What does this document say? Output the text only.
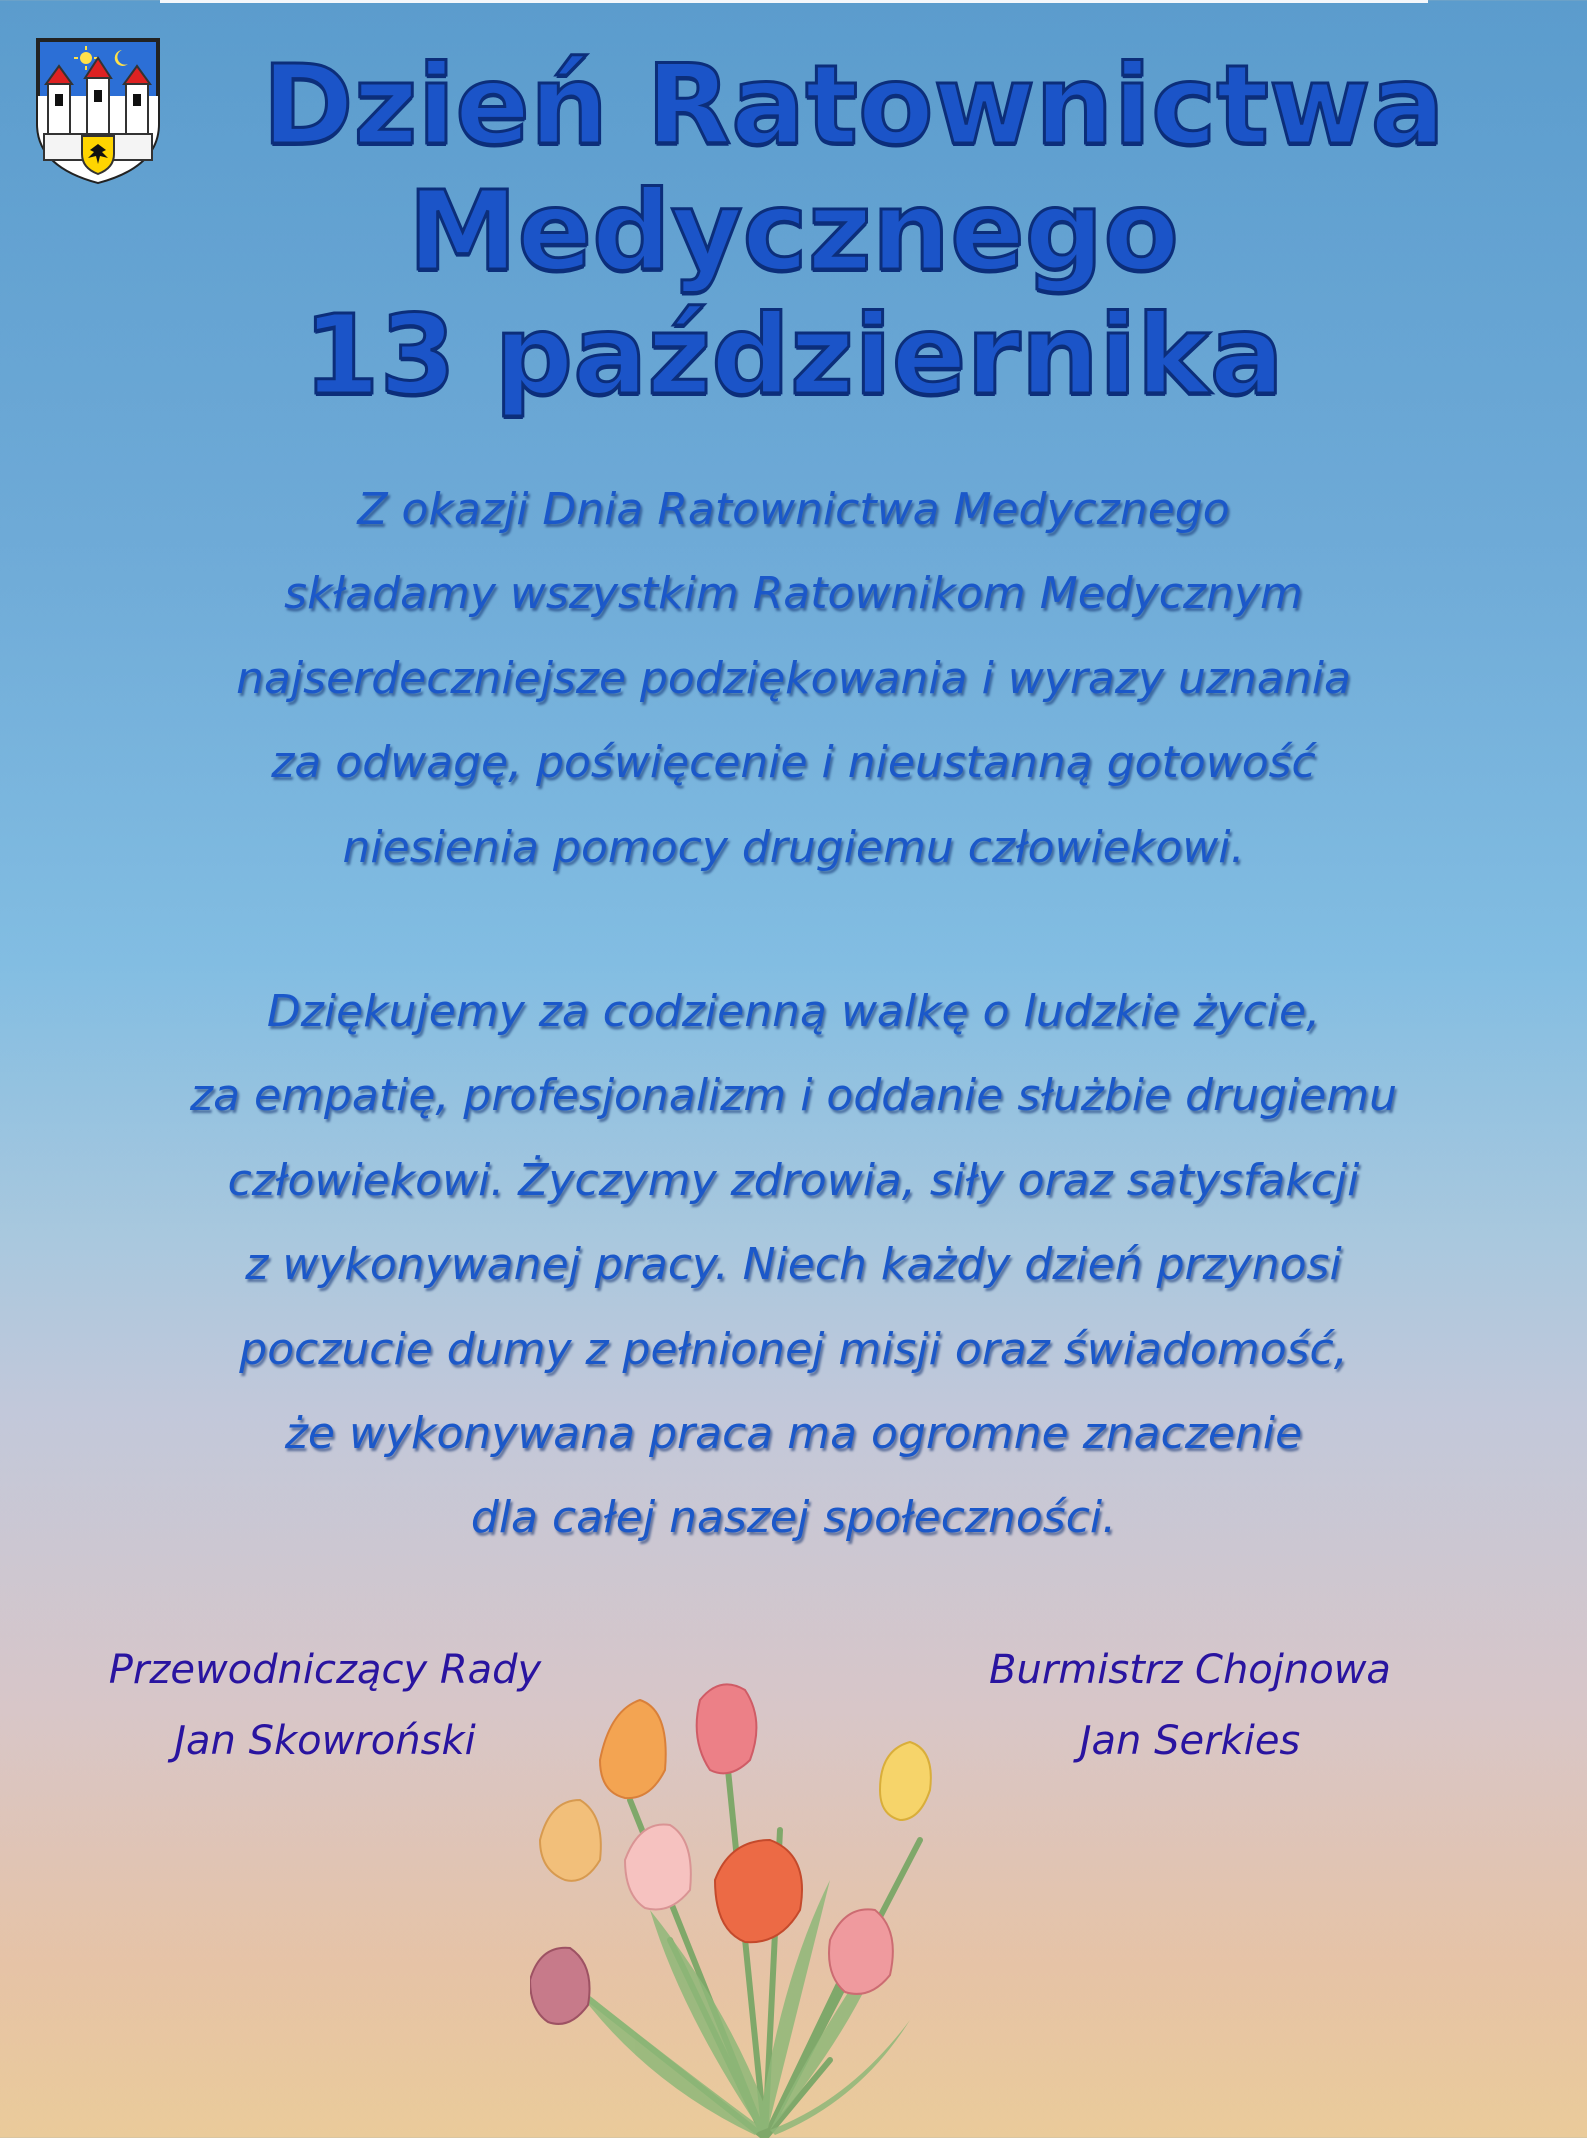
Dzień Ratownictwa
Medycznego
13 października

Z okazji Dnia Ratownictwa Medycznego
składamy wszystkim Ratownikom Medycznym
najserdeczniejsze podziękowania i wyrazy uznania
za odwagę, poświęcenie i nieustanną gotowość
niesienia pomocy drugiemu człowiekowi.

Dziękujemy za codzienną walkę o ludzkie życie,
za empatię, profesjonalizm i oddanie służbie drugiemu
człowiekowi. Życzymy zdrowia, siły oraz satysfakcji
z wykonywanej pracy. Niech każdy dzień przynosi
poczucie dumy z pełnionej misji oraz świadomość,
że wykonywana praca ma ogromne znaczenie
dla całej naszej społeczności.

Przewodniczący Rady
Jan Skowroński
Burmistrz Chojnowa
Jan Serkies
